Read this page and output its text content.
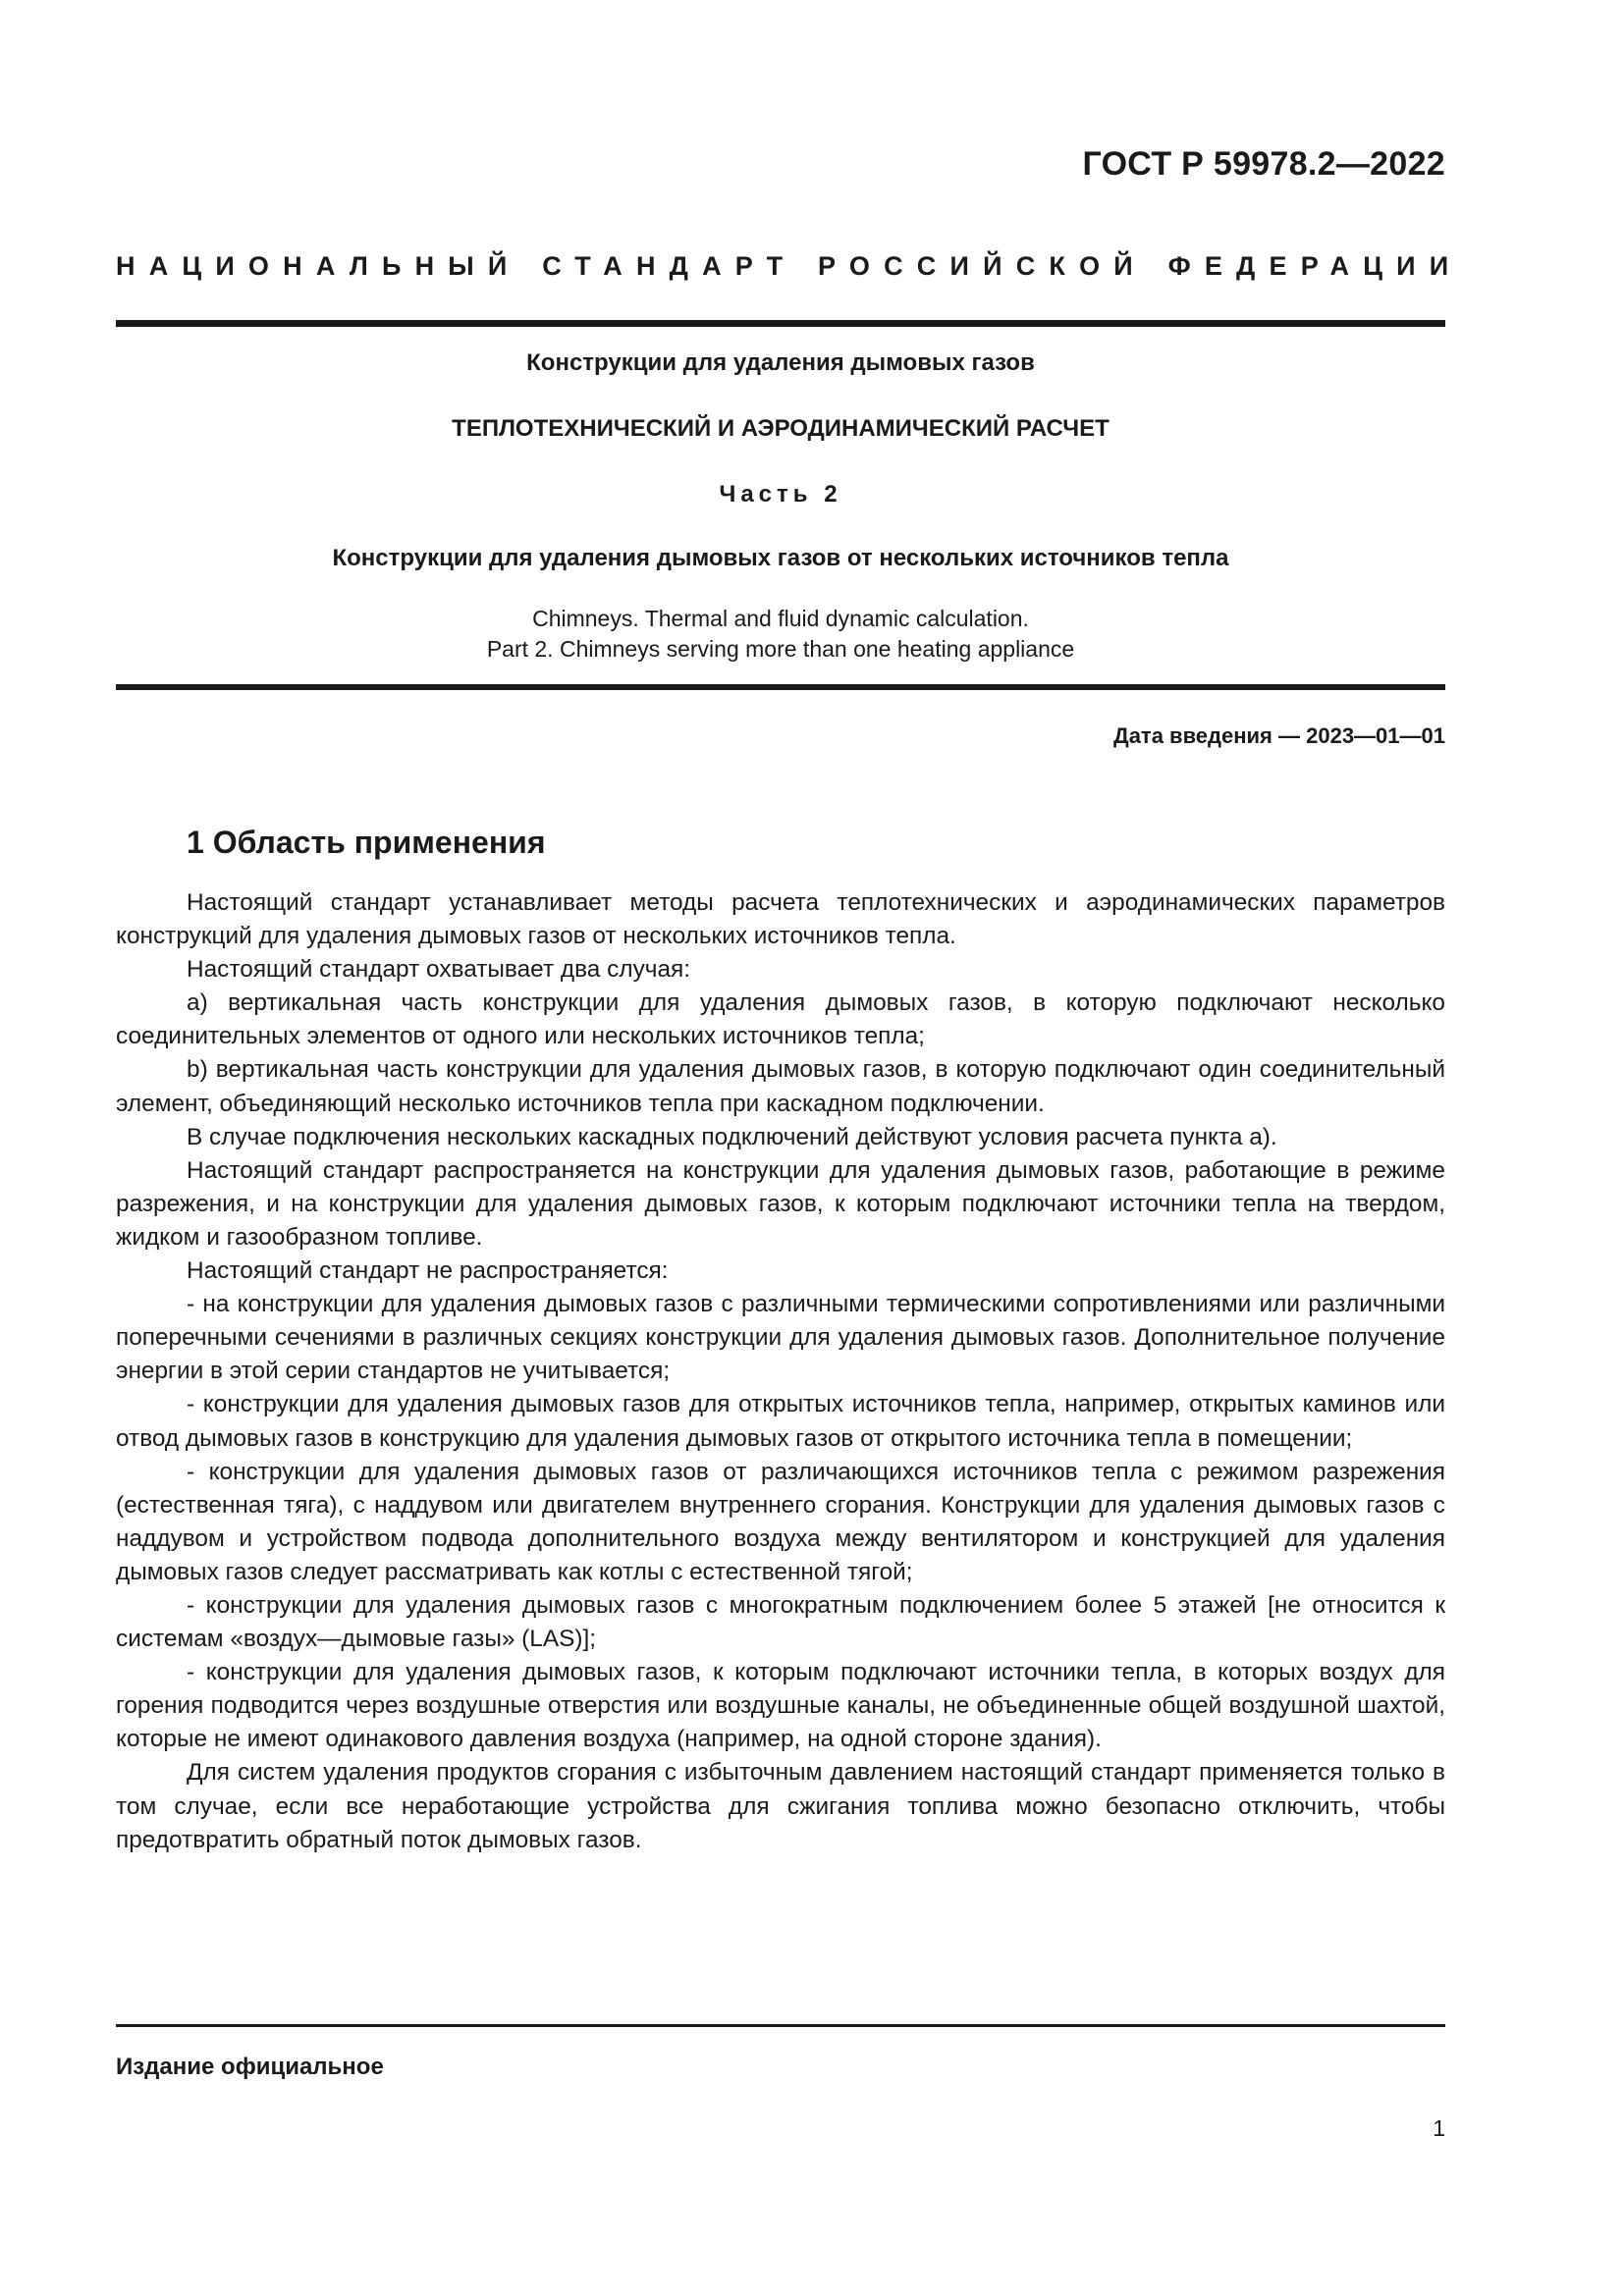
ГОСТ Р 59978.2—2022
НАЦИОНАЛЬНЫЙ СТАНДАРТ РОССИЙСКОЙ ФЕДЕРАЦИИ
Конструкции для удаления дымовых газов
ТЕПЛОТЕХНИЧЕСКИЙ И АЭРОДИНАМИЧЕСКИЙ РАСЧЕТ
Часть 2
Конструкции для удаления дымовых газов от нескольких источников тепла
Chimneys. Thermal and fluid dynamic calculation.
Part 2. Chimneys serving more than one heating appliance
Дата введения — 2023—01—01
1 Область применения

Настоящий стандарт устанавливает методы расчета теплотехнических и аэродинамических параметров конструкций для удаления дымовых газов от нескольких источников тепла.

Настоящий стандарт охватывает два случая:

а) вертикальная часть конструкции для удаления дымовых газов, в которую подключают несколько соединительных элементов от одного или нескольких источников тепла;

b) вертикальная часть конструкции для удаления дымовых газов, в которую подключают один соединительный элемент, объединяющий несколько источников тепла при каскадном подключении.

В случае подключения нескольких каскадных подключений действуют условия расчета пункта а).

Настоящий стандарт распространяется на конструкции для удаления дымовых газов, работающие в режиме разрежения, и на конструкции для удаления дымовых газов, к которым подключают источники тепла на твердом, жидком и газообразном топливе.

Настоящий стандарт не распространяется:

- на конструкции для удаления дымовых газов с различными термическими сопротивлениями или различными поперечными сечениями в различных секциях конструкции для удаления дымовых газов. Дополнительное получение энергии в этой серии стандартов не учитывается;

- конструкции для удаления дымовых газов для открытых источников тепла, например, открытых каминов или отвод дымовых газов в конструкцию для удаления дымовых газов от открытого источника тепла в помещении;

- конструкции для удаления дымовых газов от различающихся источников тепла с режимом разрежения (естественная тяга), с наддувом или двигателем внутреннего сгорания. Конструкции для удаления дымовых газов с наддувом и устройством подвода дополнительного воздуха между вентилятором и конструкцией для удаления дымовых газов следует рассматривать как котлы с естественной тягой;

- конструкции для удаления дымовых газов с многократным подключением более 5 этажей [не относится к системам «воздух—дымовые газы» (LAS)];

- конструкции для удаления дымовых газов, к которым подключают источники тепла, в которых воздух для горения подводится через воздушные отверстия или воздушные каналы, не объединенные общей воздушной шахтой, которые не имеют одинакового давления воздуха (например, на одной стороне здания).

Для систем удаления продуктов сгорания с избыточным давлением настоящий стандарт применяется только в том случае, если все неработающие устройства для сжигания топлива можно безопасно отключить, чтобы предотвратить обратный поток дымовых газов.

Издание официальное
1
